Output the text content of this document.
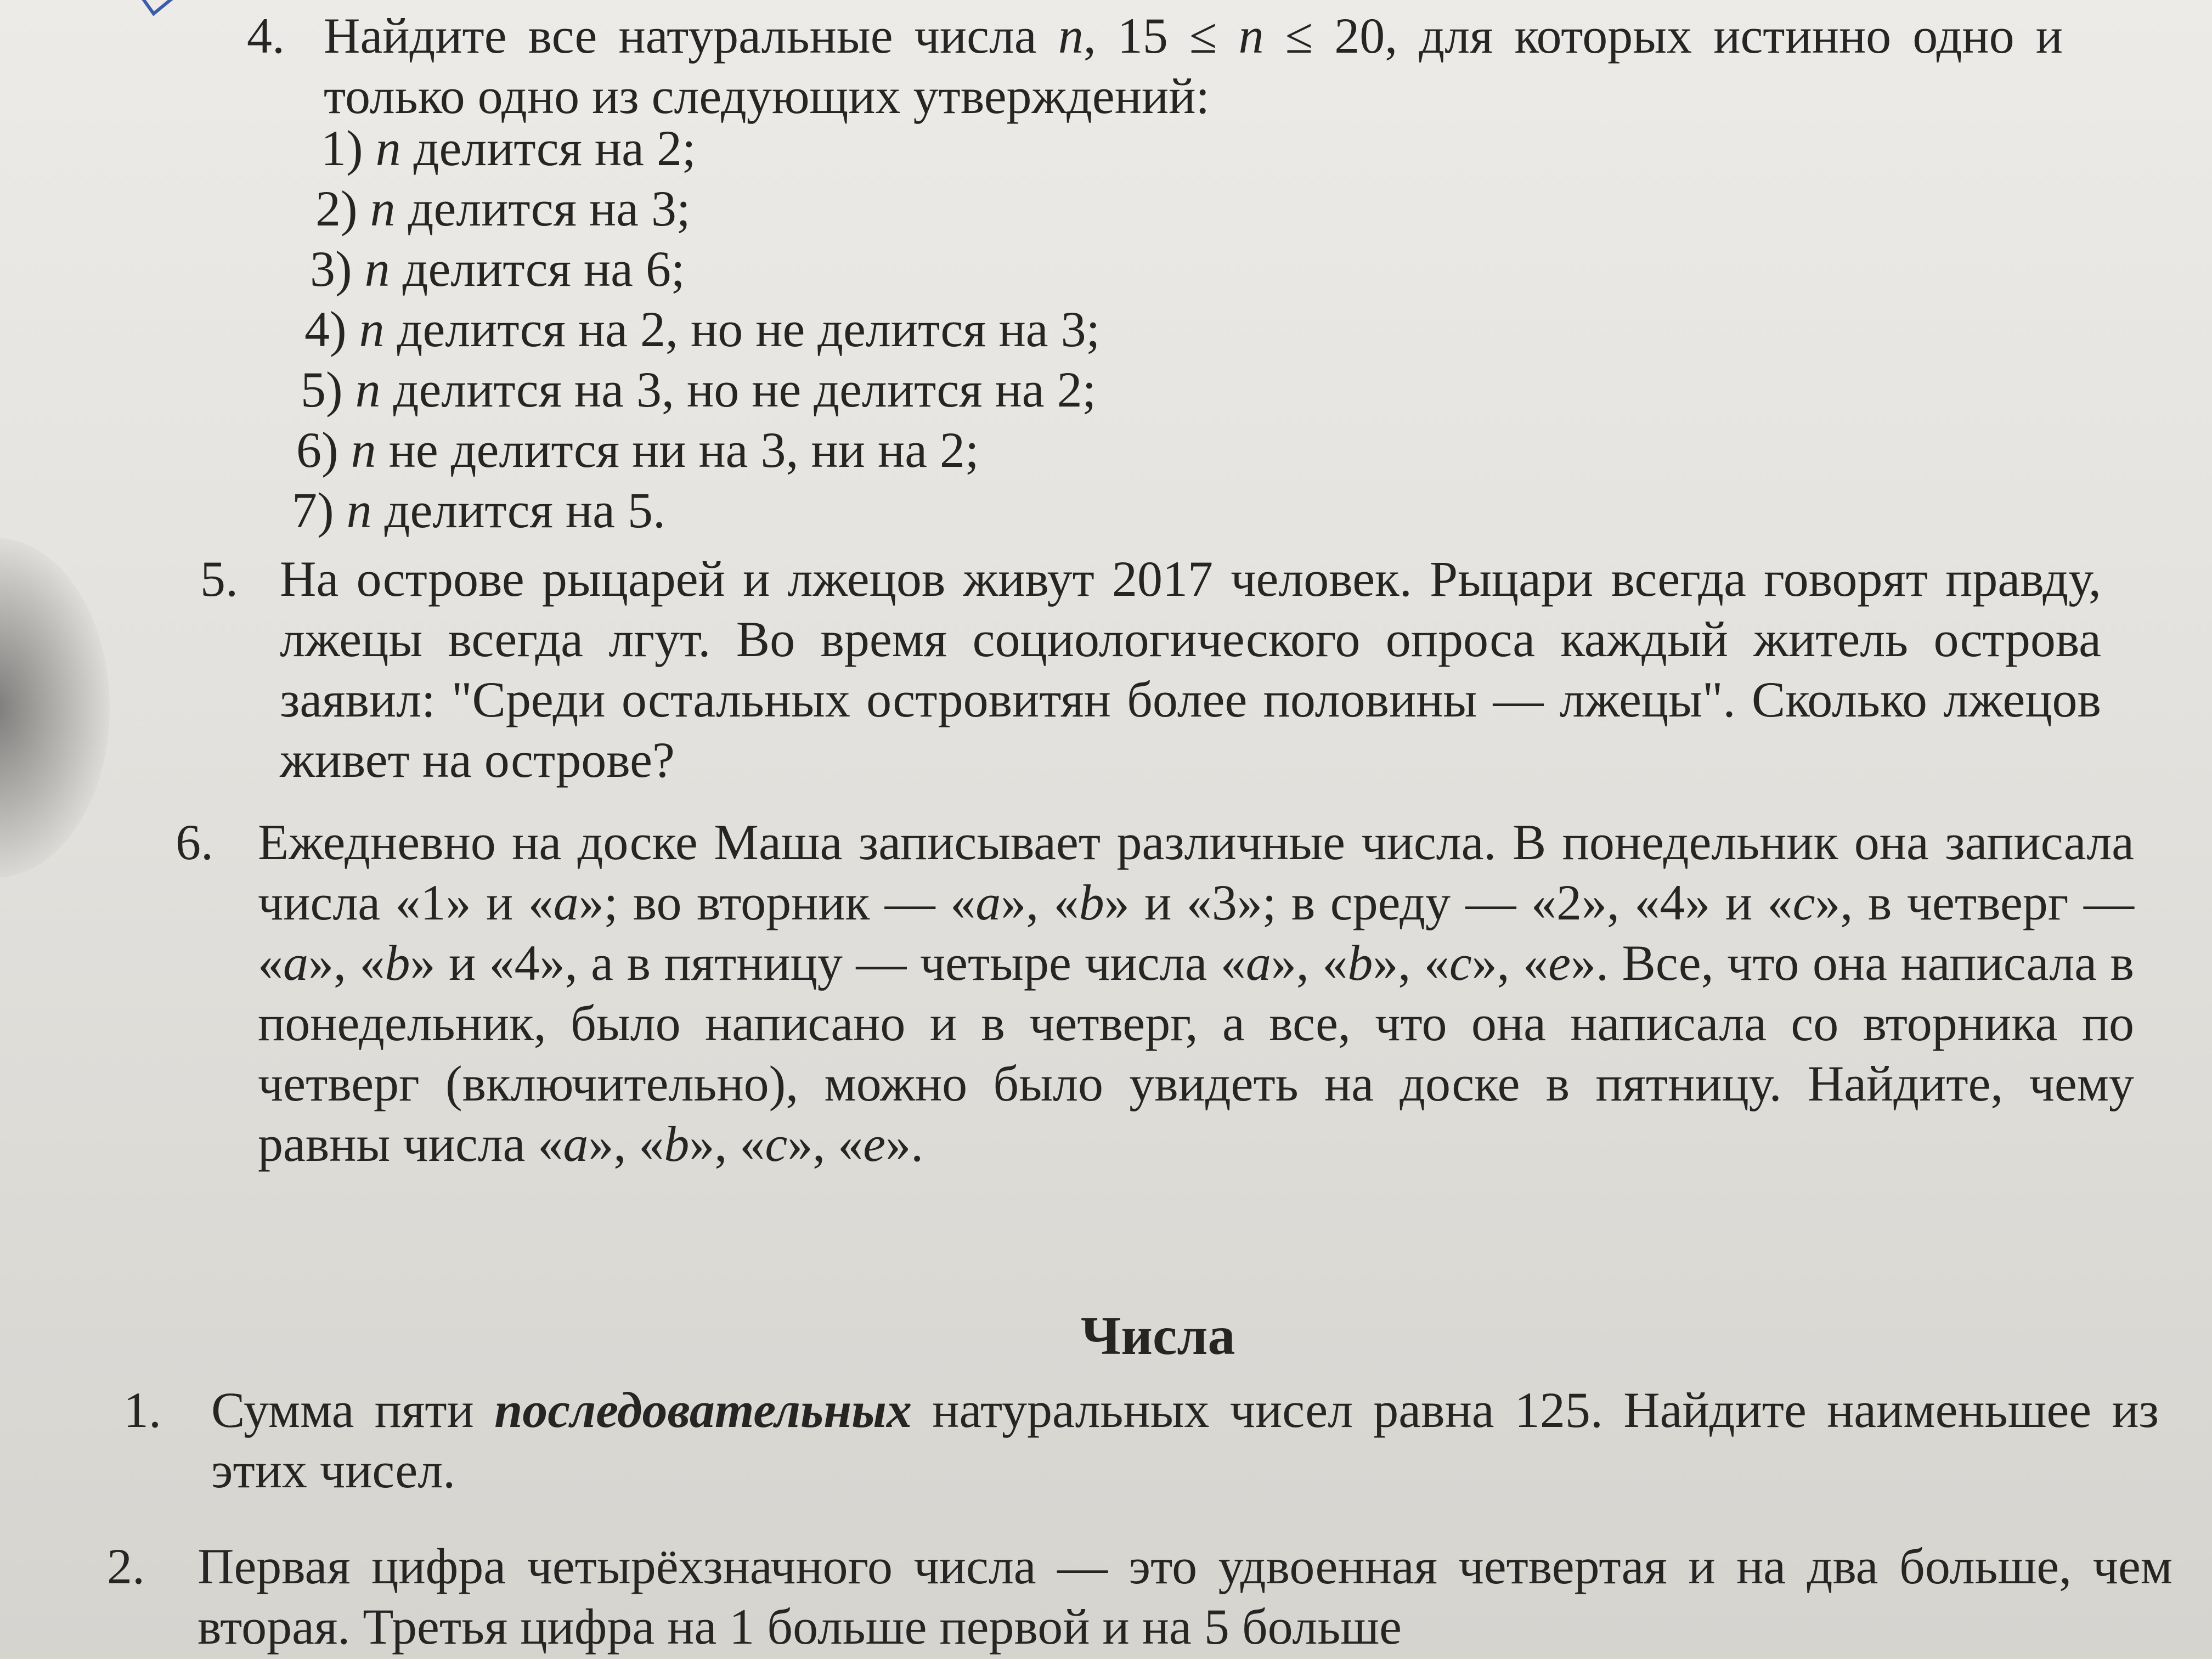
4. Найдите все натуральные числа n, 15 ≤ n ≤ 20, для которых истинно одно и только одно из следующих утверждений:
1) n делится на 2;
2) n делится на 3;
3) n делится на 6;
4) n делится на 2, но не делится на 3;
5) n делится на 3, но не делится на 2;
6) n не делится ни на 3, ни на 2;
7) n делится на 5.
5. На острове рыцарей и лжецов живут 2017 человек. Рыцари всегда говорят правду, лжецы всегда лгут. Во время социологического опроса каждый житель острова заявил: "Среди остальных островитян более половины — лжецы". Сколько лжецов живет на острове?
6. Ежедневно на доске Маша записывает различные числа. В понедельник она записала числа «1» и «a»; во вторник — «a», «b» и «3»; в среду — «2», «4» и «c», в четверг — «a», «b» и «4», а в пятницу — четыре числа «a», «b», «c», «e». Все, что она написала в понедельник, было написано и в четверг, а все, что она написала со вторника по четверг (включительно), можно было увидеть на доске в пятницу. Найдите, чему равны числа «a», «b», «c», «e».
Числа
1. Сумма пяти последовательных натуральных чисел равна 125. Найдите наименьшее из этих чисел.
2. Первая цифра четырёхзначного числа — это удвоенная четвертая и на два больше, чем вторая. Третья цифра на 1 больше первой и на 5 больше
